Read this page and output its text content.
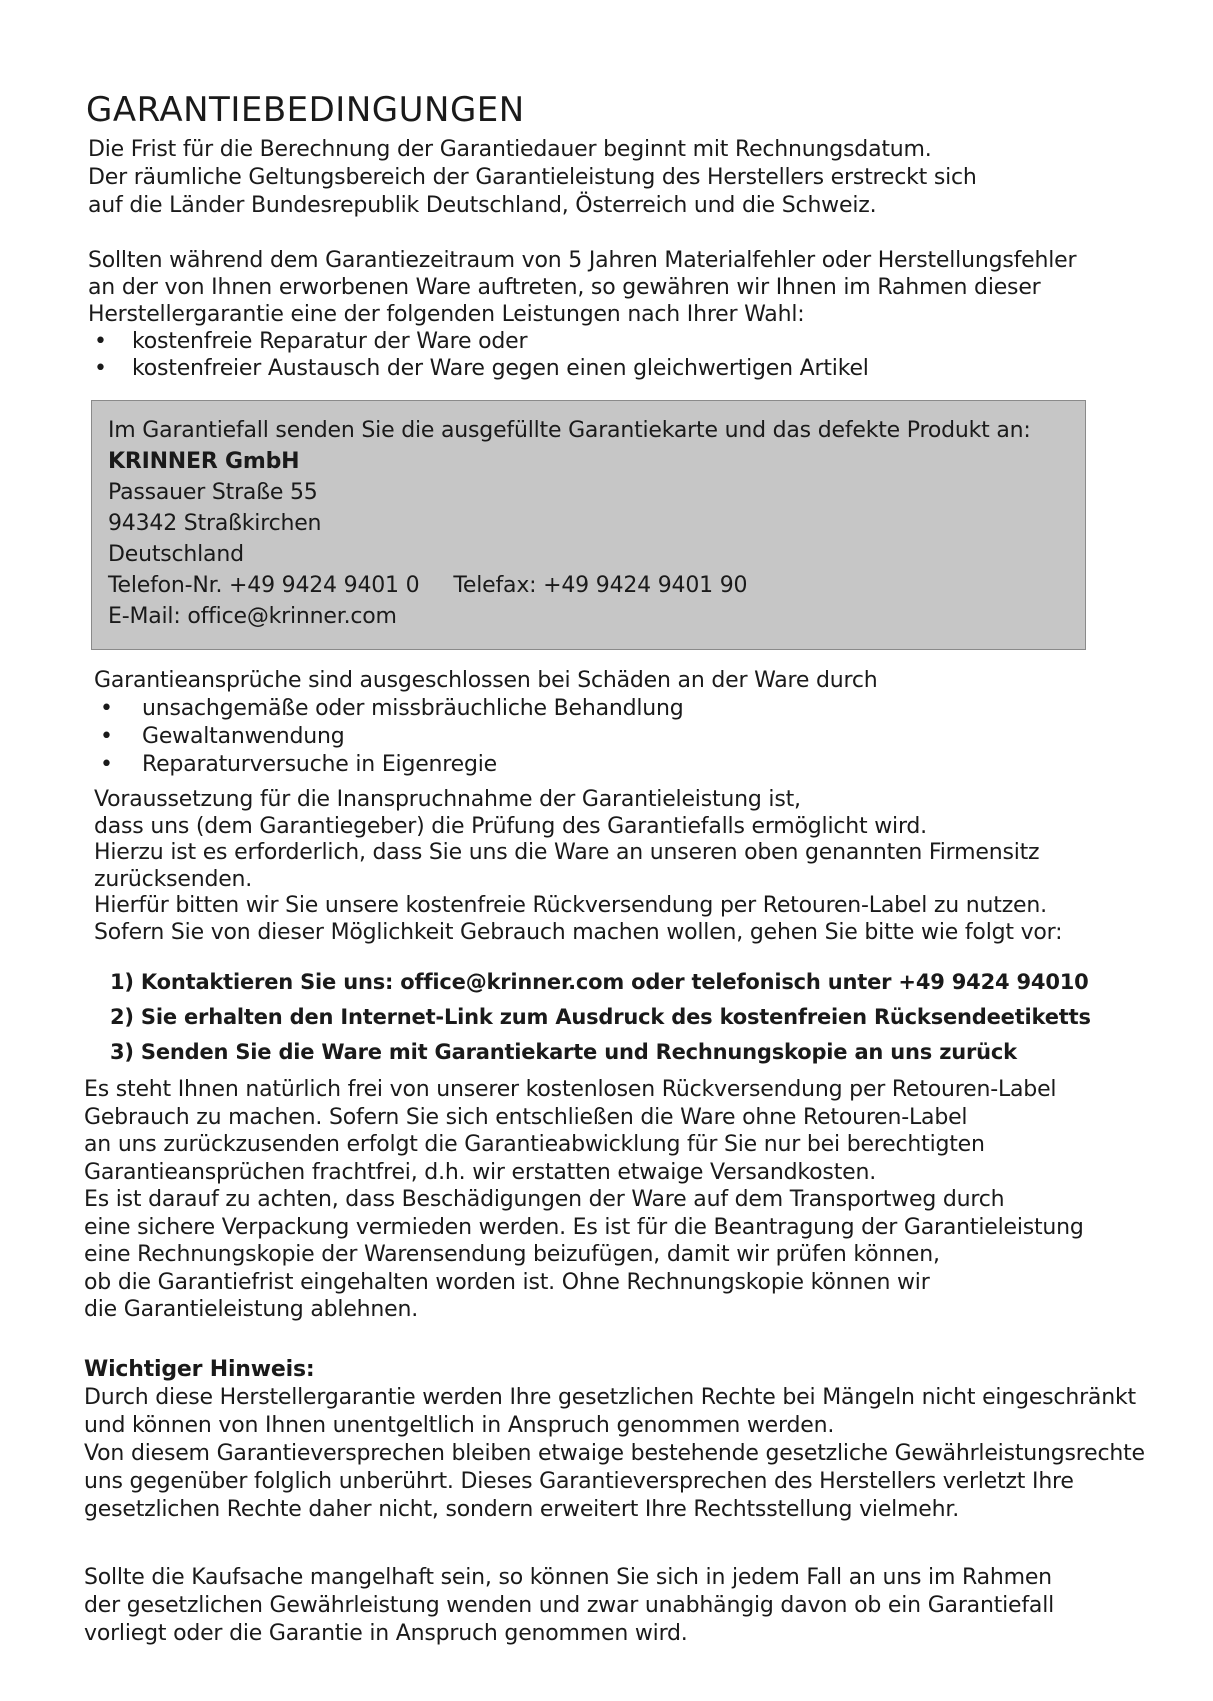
GARANTIEBEDINGUNGEN

Die Frist für die Berechnung der Garantiedauer beginnt mit Rechnungsdatum.

Der räumliche Geltungsbereich der Garantieleistung des Herstellers erstreckt sich

auf die Länder Bundesrepublik Deutschland, Österreich und die Schweiz.

Sollten während dem Garantiezeitraum von 5 Jahren Materialfehler oder Herstellungsfehler

an der von Ihnen erworbenen Ware auftreten, so gewähren wir Ihnen im Rahmen dieser

Herstellergarantie eine der folgenden Leistungen nach Ihrer Wahl:

• kostenfreie Reparatur der Ware oder
• kostenfreier Austausch der Ware gegen einen gleichwertigen Artikel
Im Garantiefall senden Sie die ausgefüllte Garantiekarte und das defekte Produkt an:
KRINNER GmbH
Passauer Straße 55
94342 Straßkirchen
Deutschland
Telefon-Nr. +49 9424 9401 0 Telefax: +49 9424 9401 90
E-Mail: office@krinner.com

Garantieansprüche sind ausgeschlossen bei Schäden an der Ware durch

• unsachgemäße oder missbräuchliche Behandlung
• Gewaltanwendung
• Reparaturversuche in Eigenregie

Voraussetzung für die Inanspruchnahme der Garantieleistung ist,

dass uns (dem Garantiegeber) die Prüfung des Garantiefalls ermöglicht wird.

Hierzu ist es erforderlich, dass Sie uns die Ware an unseren oben genannten Firmensitz

zurücksenden.

Hierfür bitten wir Sie unsere kostenfreie Rückversendung per Retouren-Label zu nutzen.

Sofern Sie von dieser Möglichkeit Gebrauch machen wollen, gehen Sie bitte wie folgt vor:

1) Kontaktieren Sie uns: office@krinner.com oder telefonisch unter +49 9424 94010

2) Sie erhalten den Internet-Link zum Ausdruck des kostenfreien Rücksendeetiketts

3) Senden Sie die Ware mit Garantiekarte und Rechnungskopie an uns zurück

Es steht Ihnen natürlich frei von unserer kostenlosen Rückversendung per Retouren-Label

Gebrauch zu machen. Sofern Sie sich entschließen die Ware ohne Retouren-Label

an uns zurückzusenden erfolgt die Garantieabwicklung für Sie nur bei berechtigten

Garantieansprüchen frachtfrei, d.h. wir erstatten etwaige Versandkosten.

Es ist darauf zu achten, dass Beschädigungen der Ware auf dem Transportweg durch

eine sichere Verpackung vermieden werden. Es ist für die Beantragung der Garantieleistung

eine Rechnungskopie der Warensendung beizufügen, damit wir prüfen können,

ob die Garantiefrist eingehalten worden ist. Ohne Rechnungskopie können wir

die Garantieleistung ablehnen.

Wichtiger Hinweis:

Durch diese Herstellergarantie werden Ihre gesetzlichen Rechte bei Mängeln nicht eingeschränkt

und können von Ihnen unentgeltlich in Anspruch genommen werden.

Von diesem Garantieversprechen bleiben etwaige bestehende gesetzliche Gewährleistungsrechte

uns gegenüber folglich unberührt. Dieses Garantieversprechen des Herstellers verletzt Ihre

gesetzlichen Rechte daher nicht, sondern erweitert Ihre Rechtsstellung vielmehr.

Sollte die Kaufsache mangelhaft sein, so können Sie sich in jedem Fall an uns im Rahmen

der gesetzlichen Gewährleistung wenden und zwar unabhängig davon ob ein Garantiefall

vorliegt oder die Garantie in Anspruch genommen wird.
